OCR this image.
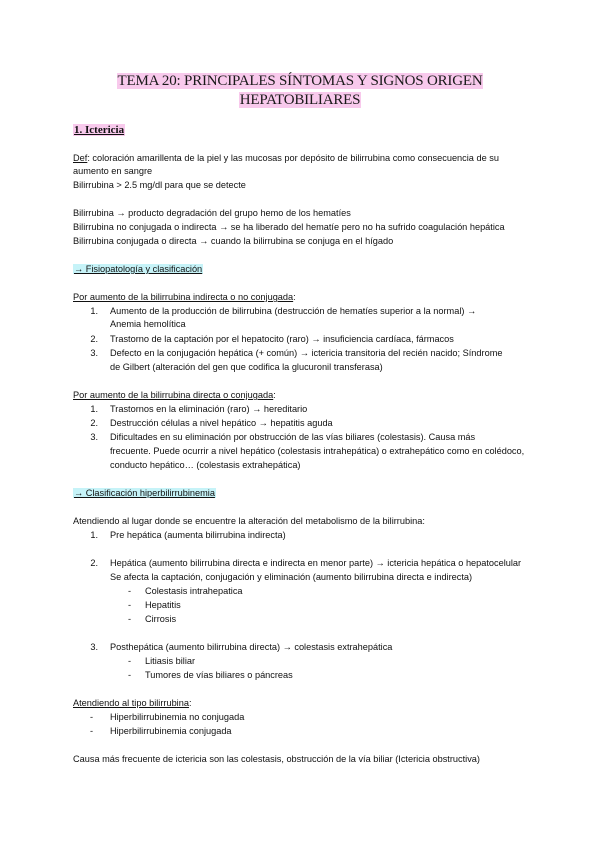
TEMA 20: PRINCIPALES SÍNTOMAS Y SIGNOS ORIGEN
HEPATOBILIARES
1. Ictericia
Def: coloración amarillenta de la piel y las mucosas por depósito de bilirrubina como consecuencia de su
aumento en sangre
Bilirrubina > 2.5 mg/dl para que se detecte
Bilirrubina → producto degradación del grupo hemo de los hematíes
Bilirrubina no conjugada o indirecta → se ha liberado del hematíe pero no ha sufrido coagulación hepática
Bilirrubina conjugada o directa → cuando la bilirrubina se conjuga en el hígado
→ Fisiopatología y clasificación
Por aumento de la bilirrubina indirecta o no conjugada:
1. Aumento de la producción de bilirrubina (destrucción de hematíes superior a la normal) →
Anemia hemolítica
2. Trastorno de la captación por el hepatocito (raro) → insuficiencia cardíaca, fármacos
3. Defecto en la conjugación hepática (+ común) → ictericia transitoria del recién nacido; Síndrome
de Gilbert (alteración del gen que codifica la glucuronil transferasa)
Por aumento de la bilirrubina directa o conjugada:
1. Trastornos en la eliminación (raro) → hereditario
2. Destrucción células a nivel hepático → hepatitis aguda
3. Dificultades en su eliminación por obstrucción de las vías biliares (colestasis). Causa más
frecuente. Puede ocurrir a nivel hepático (colestasis intrahepática) o extrahepático como en colédoco,
conducto hepático… (colestasis extrahepática)
→ Clasificación hiperbilirrubinemia
Atendiendo al lugar donde se encuentre la alteración del metabolismo de la bilirrubina:
1. Pre hepática (aumenta bilirrubina indirecta)
2. Hepática (aumento bilirrubina directa e indirecta en menor parte) → ictericia hepática o hepatocelular
Se afecta la captación, conjugación y eliminación (aumento bilirrubina directa e indirecta)
- Colestasis intrahepatica
- Hepatitis
- Cirrosis
3. Posthepática (aumento bilirrubina directa) → colestasis extrahepática
- Litiasis biliar
- Tumores de vías biliares o páncreas
Atendiendo al tipo bilirrubina:
- Hiperbilirrubinemia no conjugada
- Hiperbilirrubinemia conjugada
Causa más frecuente de ictericia son las colestasis, obstrucción de la vía biliar (Ictericia obstructiva)
